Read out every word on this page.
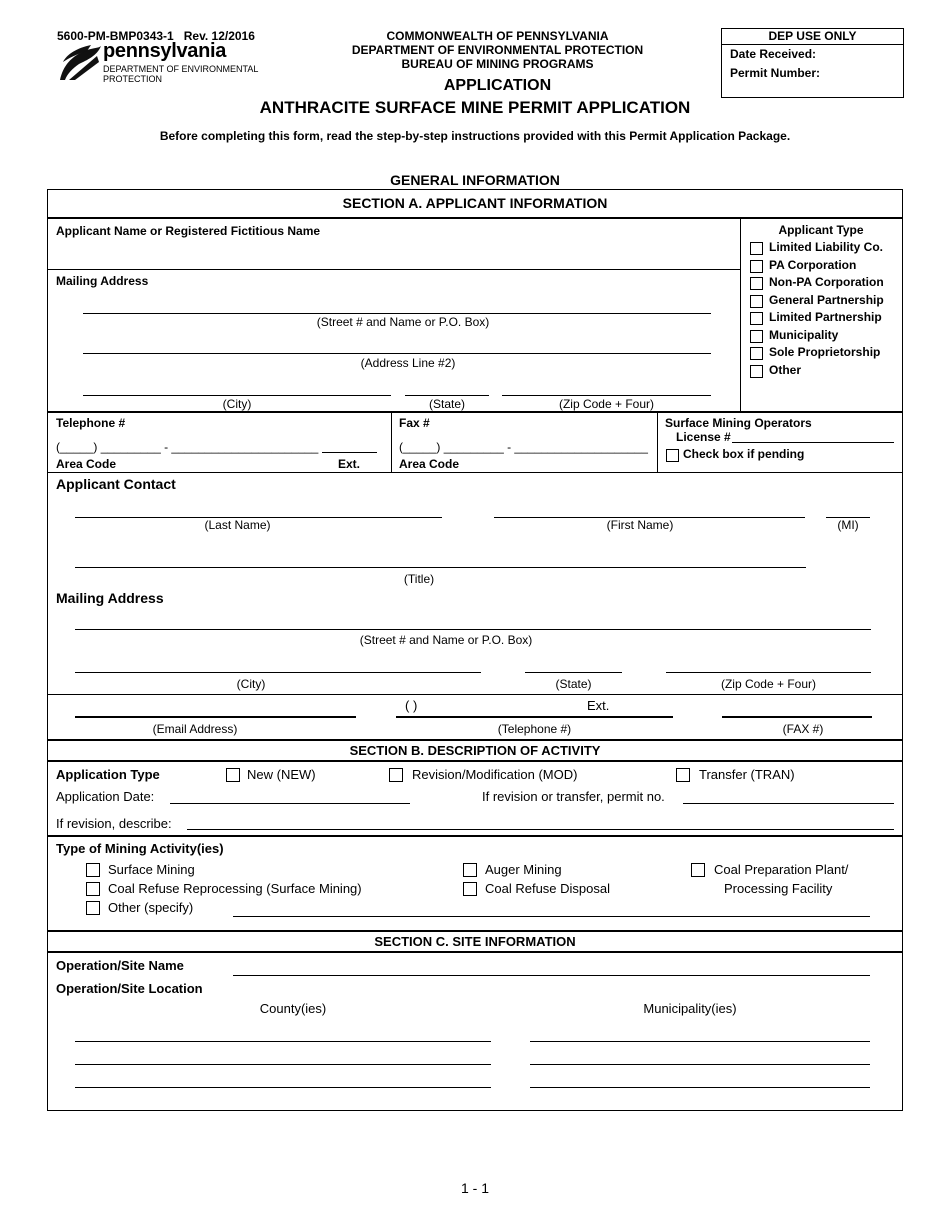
5600-PM-BMP0343-1 Rev. 12/2016
pennsylvania
DEPARTMENT OF ENVIRONMENTAL
PROTECTION
COMMONWEALTH OF PENNSYLVANIA
DEPARTMENT OF ENVIRONMENTAL PROTECTION
BUREAU OF MINING PROGRAMS
APPLICATION
ANTHRACITE SURFACE MINE PERMIT APPLICATION
DEP USE ONLY
Date Received:
Permit Number:
Before completing this form, read the step-by-step instructions provided with this Permit Application Package.
GENERAL INFORMATION
SECTION A. APPLICANT INFORMATION
Applicant Name or Registered Fictitious Name
Mailing Address
(Street # and Name or P.O. Box)
(Address Line #2)
(City)	(State)	(Zip Code + Four)
Applicant Type
Limited Liability Co.
PA Corporation
Non-PA Corporation
General Partnership
Limited Partnership
Municipality
Sole Proprietorship
Other
Telephone #
(_____) _________ - ______________________
Area Code	Ext.
Fax #
(_____) _________ - ____________________
Area Code
Surface Mining Operators
License #
Check box if pending
Applicant Contact
(Last Name)	(First Name)	(MI)
(Title)
Mailing Address
(Street # and Name or P.O. Box)
(City)	(State)	(Zip Code + Four)
( )	Ext.
(Email Address)	(Telephone #)	(FAX #)
SECTION B. DESCRIPTION OF ACTIVITY
Application Type	New (NEW)	Revision/Modification (MOD)	Transfer (TRAN)
Application Date:	If revision or transfer, permit no.
If revision, describe:
Type of Mining Activity(ies)
Surface Mining
Coal Refuse Reprocessing (Surface Mining)
Other (specify)
Auger Mining
Coal Refuse Disposal
Coal Preparation Plant/
Processing Facility
SECTION C. SITE INFORMATION
Operation/Site Name
Operation/Site Location
County(ies)	Municipality(ies)
1 - 1
